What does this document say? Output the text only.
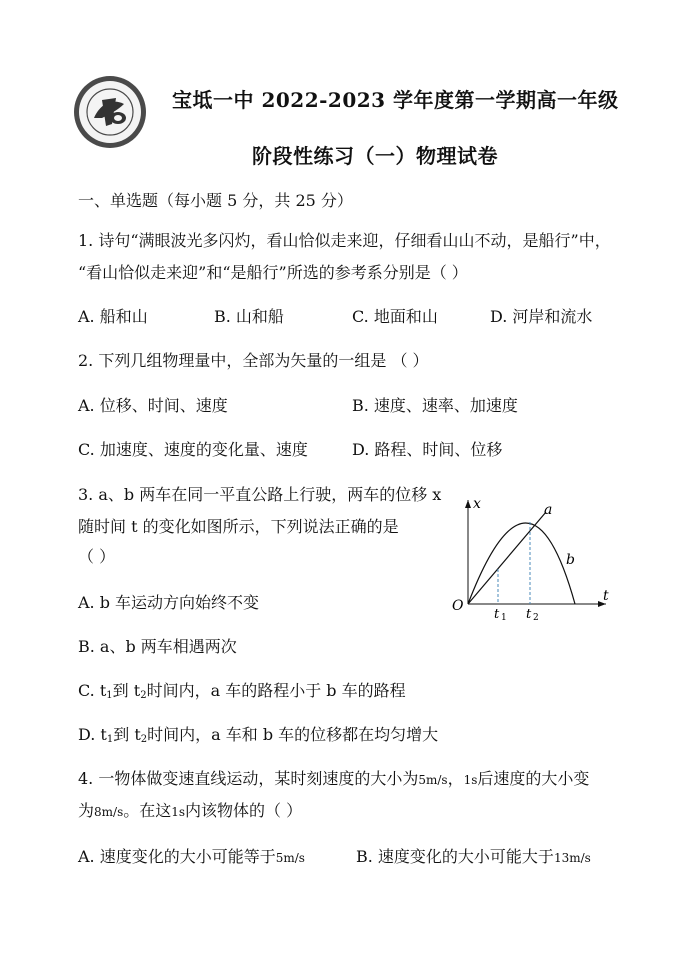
·	· 宝坻一中 2022-2023 学年度第一学期高一年级
阶段性练习（一）物理试卷
一、单选题（每小题 5 分，共 25 分）
1. 诗句“满眼波光多闪灼，看山恰似走来迎，仔细看山山不动，是船行”中，
“看山恰似走来迎”和“是船行”所选的参考系分别是（ ）
A. 船和山	B. 山和船	C. 地面和山	D. 河岸和流水
2. 下列几组物理量中，全部为矢量的一组是 （ ）
A. 位移、时间、速度	B. 速度、速率、加速度
C. 加速度、速度的变化量、速度	D. 路程、时间、位移
3. a、b 两车在同一平直公路上行驶，两车的位移 x
随时间 t 的变化如图所示，下列说法正确的是
（ ）
x
t
O
a
b
t 1 t 2
A. b 车运动方向始终不变
B. a、b 两车相遇两次
C. $t_1$到 $t_2$时间内，a 车的路程小于 b 车的路程
D. $t_1$到 $t_2$时间内，a 车和 b 车的位移都在均匀增大
4. 一物体做变速直线运动，某时刻速度的大小为5m/s，1s后速度的大小变
为8m/s。在这1s内该物体的（ ）
A. 速度变化的大小可能等于5m/s	B. 速度变化的大小可能大于13m/s
